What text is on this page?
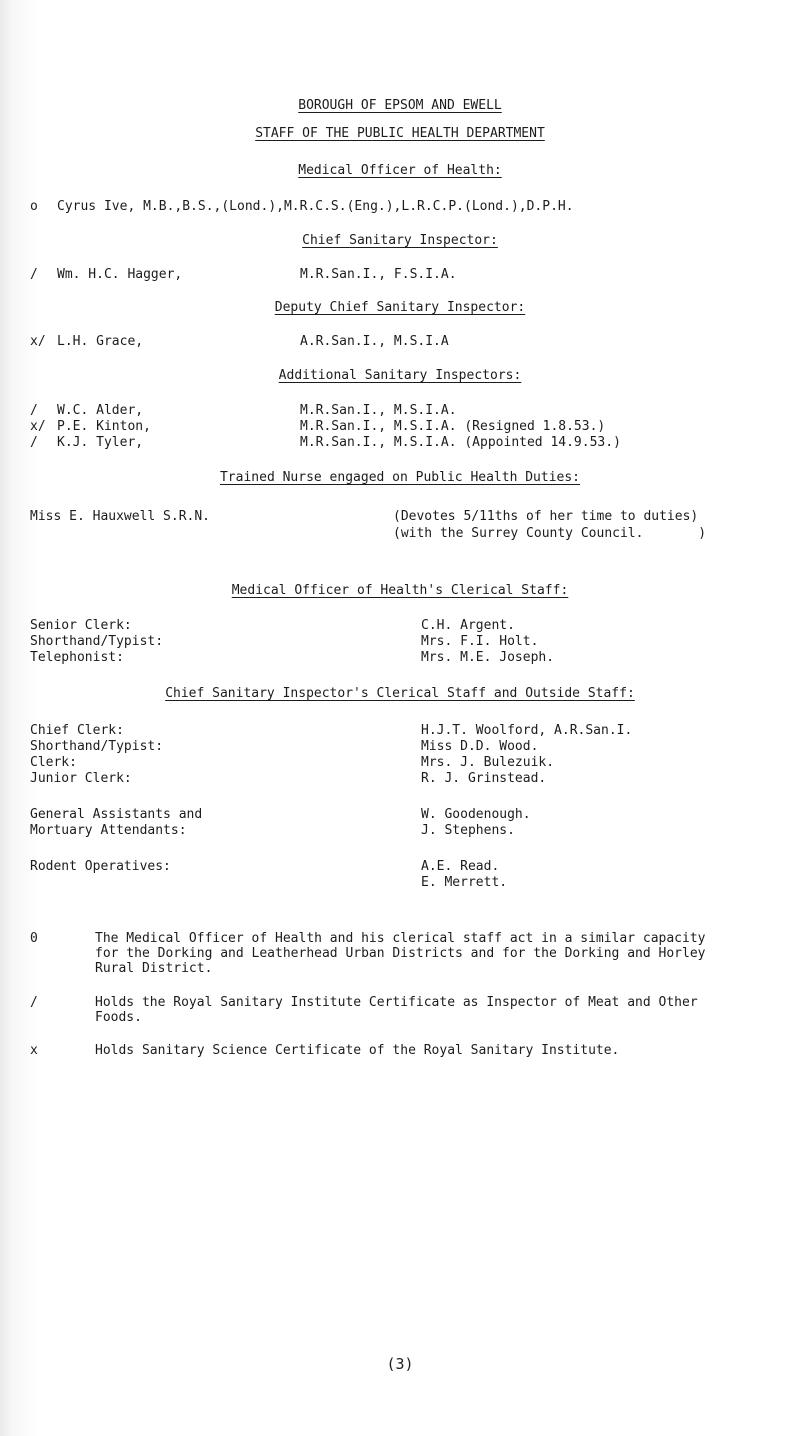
BOROUGH OF EPSOM AND EWELL
STAFF OF THE PUBLIC HEALTH DEPARTMENT
Medical Officer of Health:
o Cyrus Ive, M.B.,B.S.,(Lond.),M.R.C.S.(Eng.),L.R.C.P.(Lond.),D.P.H.
Chief Sanitary Inspector:
/ Wm. H.C. Hagger,	M.R.San.I., F.S.I.A.
Deputy Chief Sanitary Inspector:
x/ L.H. Grace,	A.R.San.I., M.S.I.A
Additional Sanitary Inspectors:
/ W.C. Alder,	M.R.San.I., M.S.I.A.
x/ P.E. Kinton,	M.R.San.I., M.S.I.A. (Resigned 1.8.53.)
/ K.J. Tyler,	M.R.San.I., M.S.I.A. (Appointed 14.9.53.)
Trained Nurse engaged on Public Health Duties:
Miss E. Hauxwell S.R.N.	(Devotes 5/11ths of her time to duties)
(with the Surrey County Council.       )
Medical Officer of Health's Clerical Staff:
Senior Clerk:	C.H. Argent.
Shorthand/Typist:	Mrs. F.I. Holt.
Telephonist:	Mrs. M.E. Joseph.
Chief Sanitary Inspector's Clerical Staff and Outside Staff:
Chief Clerk:	H.J.T. Woolford, A.R.San.I.
Shorthand/Typist:	Miss D.D. Wood.
Clerk:	Mrs. J. Bulezuik.
Junior Clerk:	R. J. Grinstead.
General Assistants and	W. Goodenough.
Mortuary Attendants:	J. Stephens.
Rodent Operatives:	A.E. Read.
E. Merrett.
0	The Medical Officer of Health and his clerical staff act in a similar capacity for the Dorking and Leatherhead Urban Districts and for the Dorking and Horley Rural District.
/	Holds the Royal Sanitary Institute Certificate as Inspector of Meat and Other Foods.
x	Holds Sanitary Science Certificate of the Royal Sanitary Institute.
(3)
